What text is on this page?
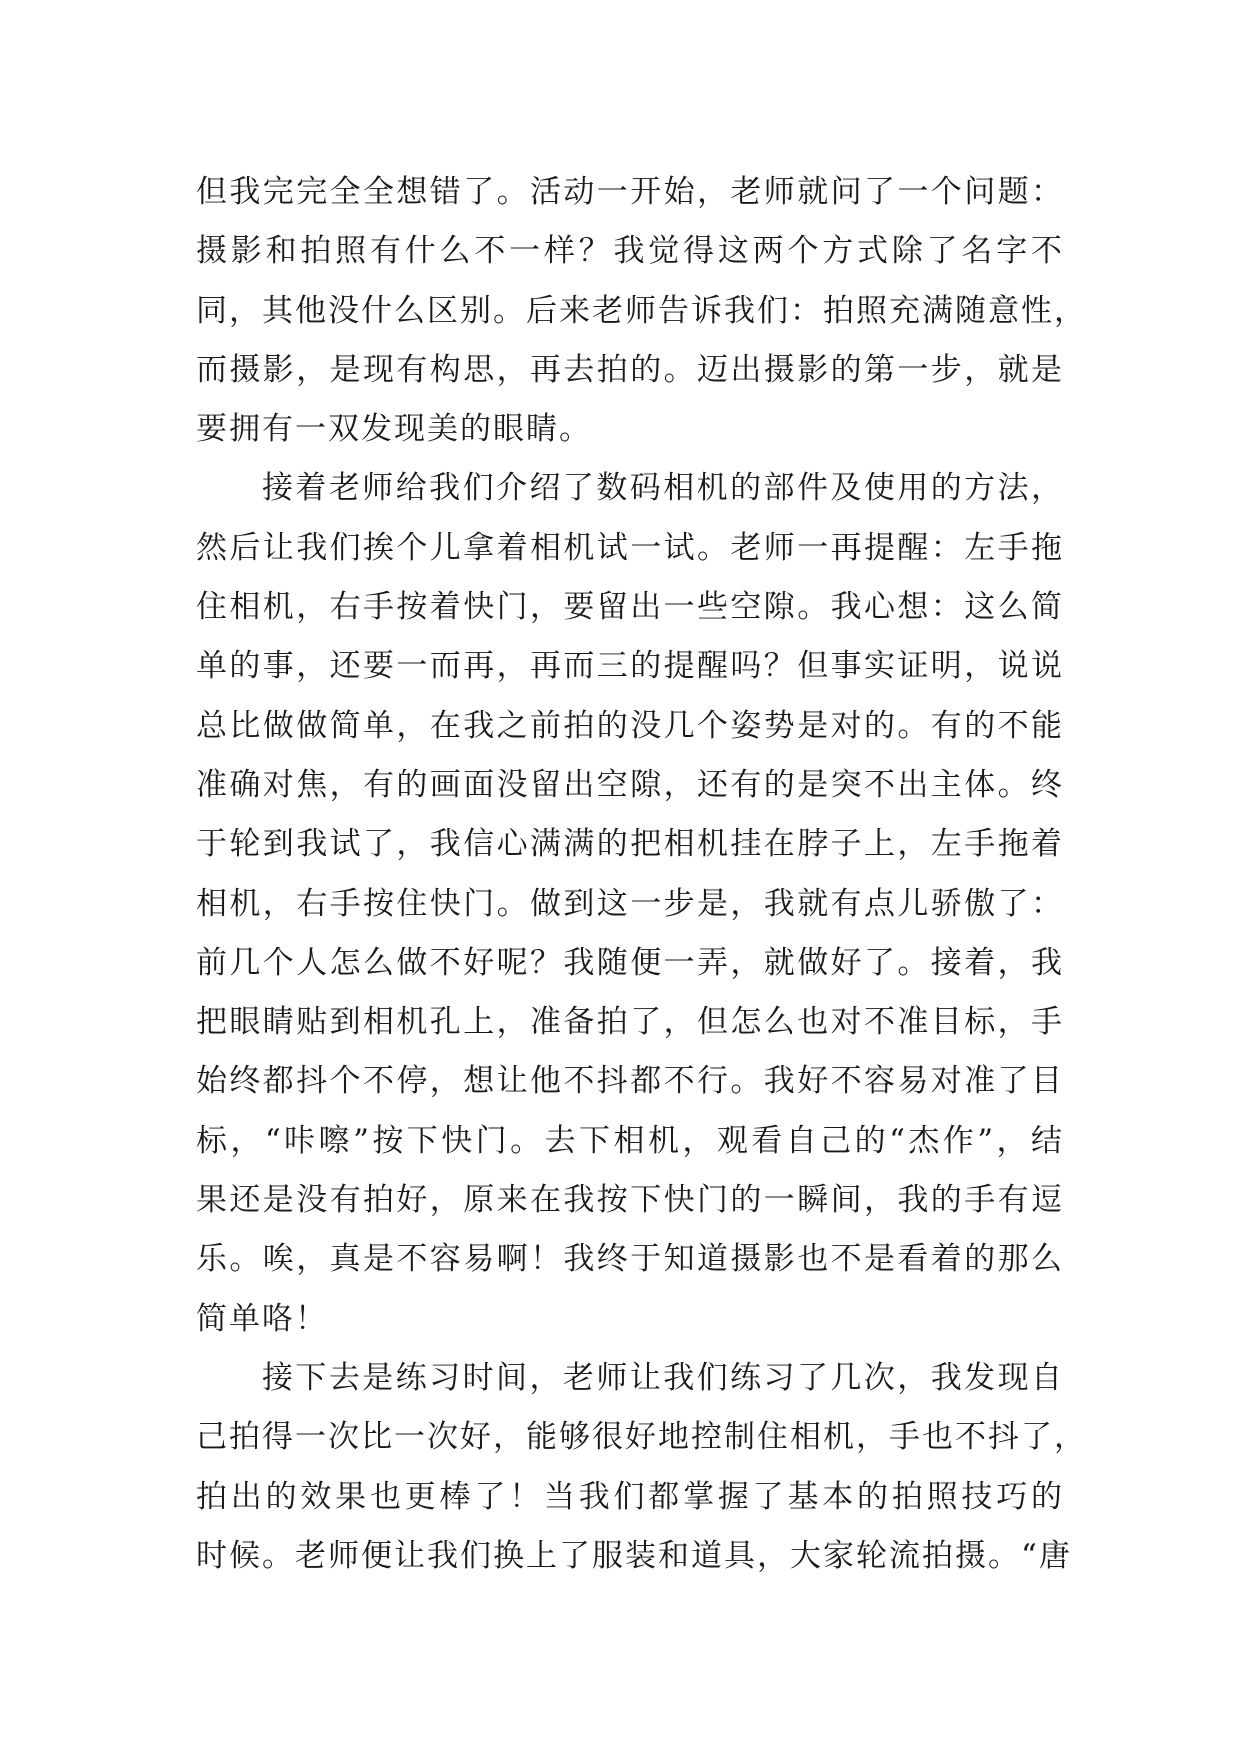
但我完完全全想错了。活动一开始，老师就问了一个问题：
摄影和拍照有什么不一样？我觉得这两个方式除了名字不
同，其他没什么区别。后来老师告诉我们：拍照充满随意性，
而摄影，是现有构思，再去拍的。迈出摄影的第一步，就是
要拥有一双发现美的眼睛。
接着老师给我们介绍了数码相机的部件及使用的方法，
然后让我们挨个儿拿着相机试一试。老师一再提醒：左手拖
住相机，右手按着快门，要留出一些空隙。我心想：这么简
单的事，还要一而再，再而三的提醒吗？但事实证明，说说
总比做做简单，在我之前拍的没几个姿势是对的。有的不能
准确对焦，有的画面没留出空隙，还有的是突不出主体。终
于轮到我试了，我信心满满的把相机挂在脖子上，左手拖着
相机，右手按住快门。做到这一步是，我就有点儿骄傲了：
前几个人怎么做不好呢？我随便一弄，就做好了。接着，我
把眼睛贴到相机孔上，准备拍了，但怎么也对不准目标，手
始终都抖个不停，想让他不抖都不行。我好不容易对准了目
标，“咔嚓”按下快门。去下相机，观看自己的“杰作”，结
果还是没有拍好，原来在我按下快门的一瞬间，我的手有逗
乐。唉，真是不容易啊！我终于知道摄影也不是看着的那么
简单咯！
接下去是练习时间，老师让我们练习了几次，我发现自
己拍得一次比一次好，能够很好地控制住相机，手也不抖了，
拍出的效果也更棒了！当我们都掌握了基本的拍照技巧的
时候。老师便让我们换上了服装和道具，大家轮流拍摄。“唐
